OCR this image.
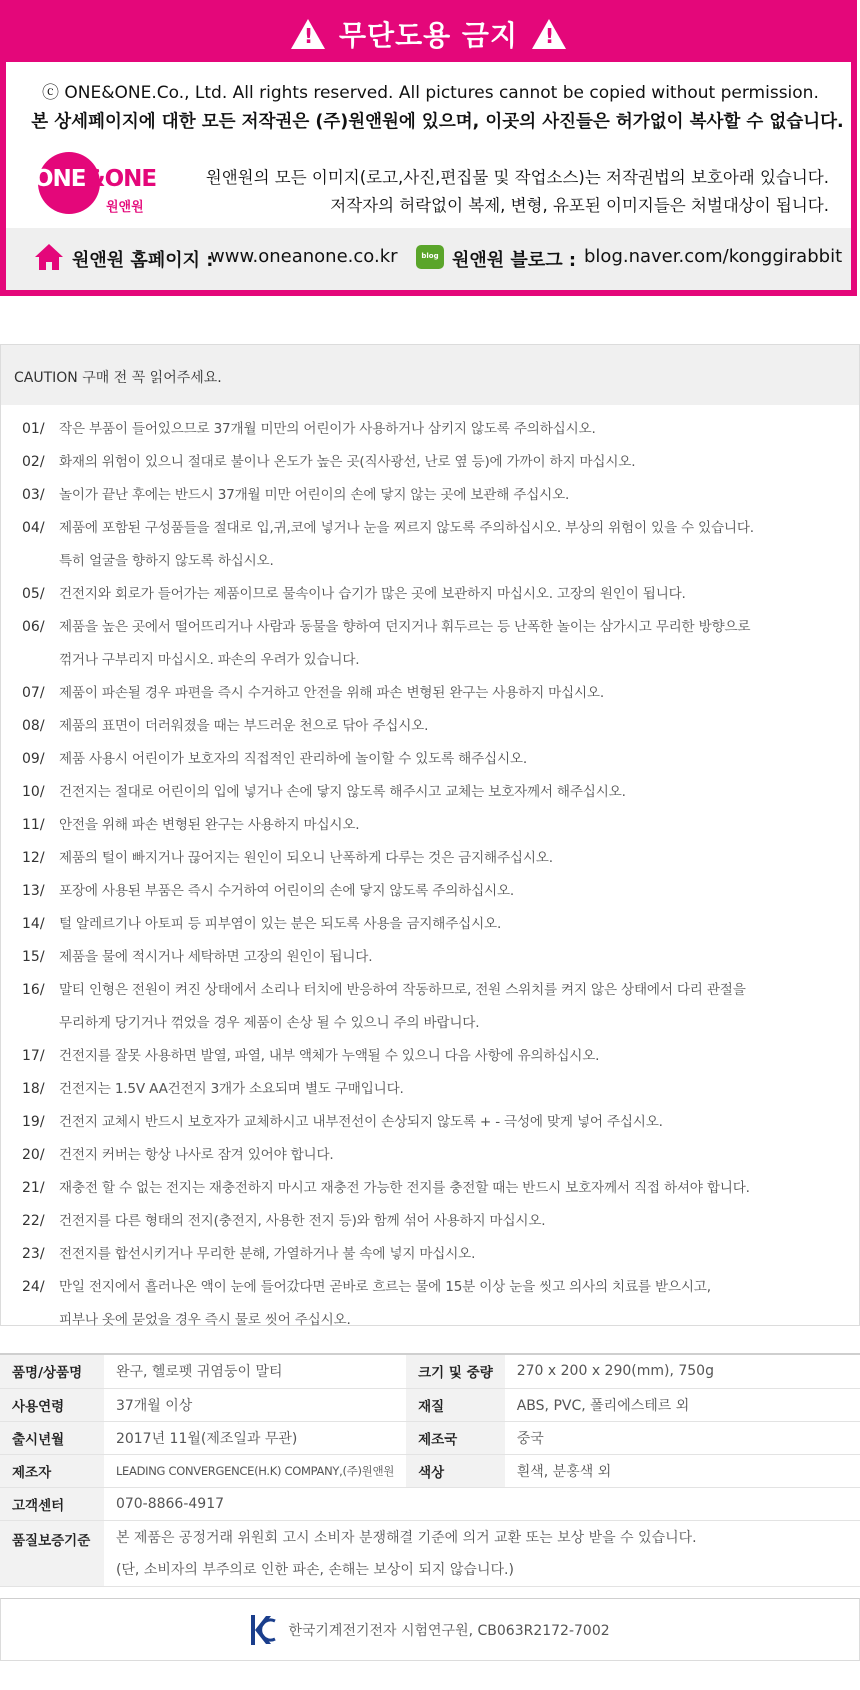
!
무단도용 금지
!
ⓒ ONE&ONE.Co., Ltd. All rights reserved. All pictures cannot be copied without permission.
본 상세페이지에 대한 모든 저작권은 (주)원앤원에 있으며, 이곳의 사진들은 허가없이 복사할 수 없습니다.
ONE&ONE
원앤원
원앤원의 모든 이미지(로고,사진,편집물 및 작업소스)는 저작권법의 보호아래 있습니다.
저작자의 허락없이 복제, 변형, 유포된 이미지들은 처벌대상이 됩니다.
원앤원 홈페이지 :
www.oneanone.co.kr	blog 원앤원 블로그 : blog.naver.com/konggirabbit
CAUTION 구매 전 꼭 읽어주세요.
01/ 작은 부품이 들어있으므로 37개월 미만의 어린이가 사용하거나 삼키지 않도록 주의하십시오.
02/ 화재의 위험이 있으니 절대로 불이나 온도가 높은 곳(직사광선, 난로 옆 등)에 가까이 하지 마십시오.
03/ 놀이가 끝난 후에는 반드시 37개월 미만 어린이의 손에 닿지 않는 곳에 보관해 주십시오.
04/ 제품에 포함된 구성품들을 절대로 입,귀,코에 넣거나 눈을 찌르지 않도록 주의하십시오. 부상의 위험이 있을 수 있습니다.
특히 얼굴을 향하지 않도록 하십시오.
05/ 건전지와 회로가 들어가는 제품이므로 물속이나 습기가 많은 곳에 보관하지 마십시오. 고장의 원인이 됩니다.
06/ 제품을 높은 곳에서 떨어뜨리거나 사람과 동물을 향하여 던지거나 휘두르는 등 난폭한 놀이는 삼가시고 무리한 방향으로
꺾거나 구부리지 마십시오. 파손의 우려가 있습니다.
07/ 제품이 파손될 경우 파편을 즉시 수거하고 안전을 위해 파손 변형된 완구는 사용하지 마십시오.
08/ 제품의 표면이 더러워졌을 때는 부드러운 천으로 닦아 주십시오.
09/ 제품 사용시 어린이가 보호자의 직접적인 관리하에 놀이할 수 있도록 해주십시오.
10/ 건전지는 절대로 어린이의 입에 넣거나 손에 닿지 않도록 해주시고 교체는 보호자께서 해주십시오.
11/ 안전을 위해 파손 변형된 완구는 사용하지 마십시오.
12/ 제품의 털이 빠지거나 끊어지는 원인이 되오니 난폭하게 다루는 것은 금지해주십시오.
13/ 포장에 사용된 부품은 즉시 수거하여 어린이의 손에 닿지 않도록 주의하십시오.
14/ 털 알레르기나 아토피 등 피부염이 있는 분은 되도록 사용을 금지해주십시오.
15/ 제품을 물에 적시거나 세탁하면 고장의 원인이 됩니다.
16/ 말티 인형은 전원이 켜진 상태에서 소리나 터치에 반응하여 작동하므로, 전원 스위치를 켜지 않은 상태에서 다리 관절을
무리하게 당기거나 꺾었을 경우 제품이 손상 될 수 있으니 주의 바랍니다.
17/ 건전지를 잘못 사용하면 발열, 파열, 내부 액체가 누액될 수 있으니 다음 사항에 유의하십시오.
18/ 건전지는 1.5V AA건전지 3개가 소요되며 별도 구매입니다.
19/ 건전지 교체시 반드시 보호자가 교체하시고 내부전선이 손상되지 않도록 + - 극성에 맞게 넣어 주십시오.
20/ 건전지 커버는 항상 나사로 잠겨 있어야 합니다.
21/ 재충전 할 수 없는 전지는 재충전하지 마시고 재충전 가능한 전지를 충전할 때는 반드시 보호자께서 직접 하셔야 합니다.
22/ 건전지를 다른 형태의 전지(충전지, 사용한 전지 등)와 함께 섞어 사용하지 마십시오.
23/ 전전지를 합선시키거나 무리한 분해, 가열하거나 불 속에 넣지 마십시오.
24/ 만일 전지에서 흘러나온 액이 눈에 들어갔다면 곧바로 흐르는 물에 15분 이상 눈을 씻고 의사의 치료를 받으시고,
피부나 옷에 묻었을 경우 즉시 물로 씻어 주십시오.
품명/상품명	완구, 헬로펫 귀염둥이 말티	크기 및 중량	270 x 200 x 290(mm), 750g
사용연령	37개월 이상	재질	ABS, PVC, 폴리에스테르 외
출시년월	2017년 11월(제조일과 무관)	제조국	중국
제조자	LEADING CONVERGENCE(H.K) COMPANY,(주)원앤원	색상	흰색, 분홍색 외
고객센터	070-8866-4917		
품질보증기준	본 제품은 공정거래 위원회 고시 소비자 분쟁해결 기준에 의거 교환 또는 보상 받을 수 있습니다.		
	(단, 소비자의 부주의로 인한 파손, 손해는 보상이 되지 않습니다.)		
한국기계전기전자 시험연구원, CB063R2172-7002
